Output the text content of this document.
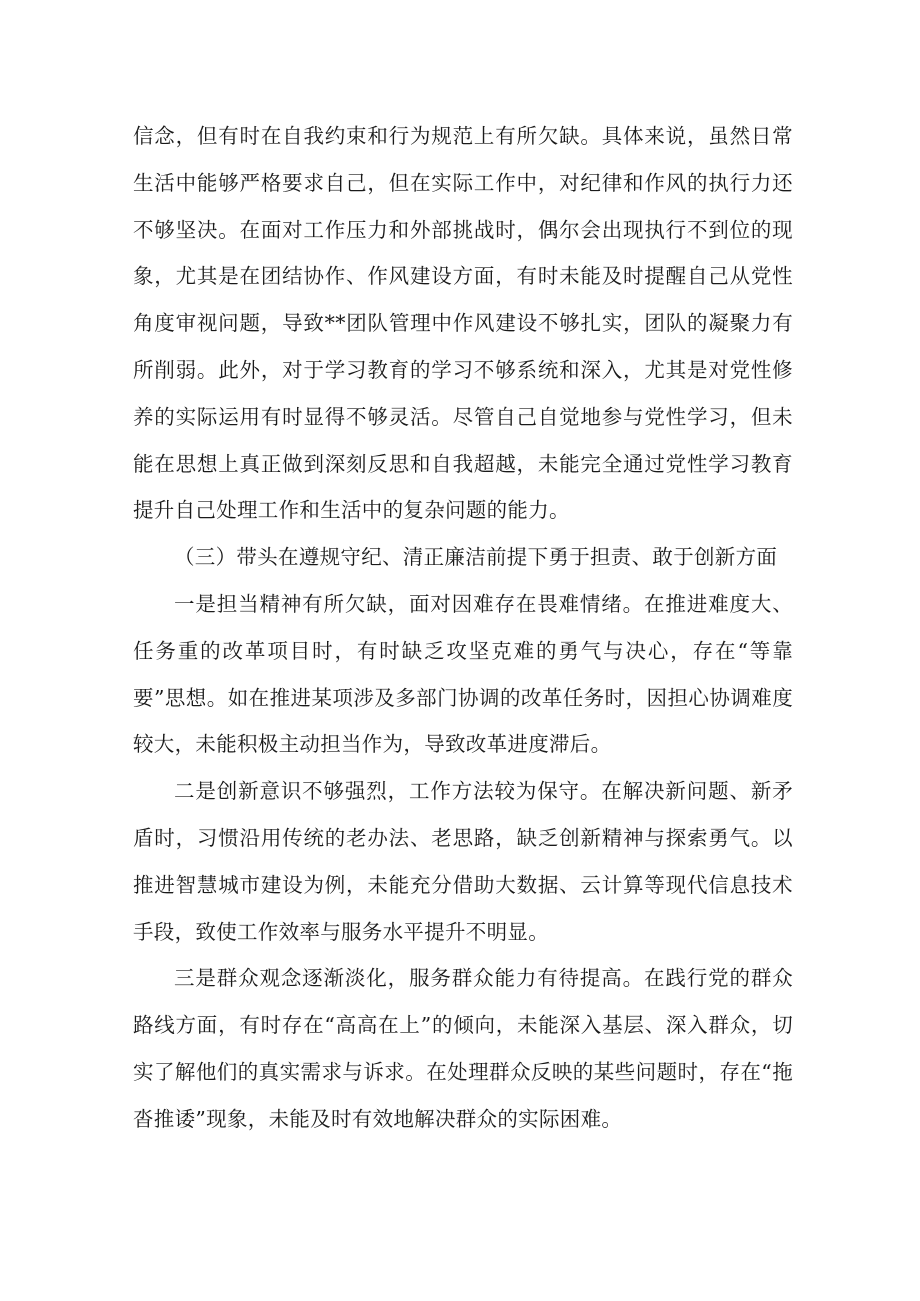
信念，但有时在自我约束和行为规范上有所欠缺。具体来说，虽然日常生活中能够严格要求自己，但在实际工作中，对纪律和作风的执行力还不够坚决。在面对工作压力和外部挑战时，偶尔会出现执行不到位的现象，尤其是在团结协作、作风建设方面，有时未能及时提醒自己从党性角度审视问题，导致**团队管理中作风建设不够扎实，团队的凝聚力有所削弱。此外，对于学习教育的学习不够系统和深入，尤其是对党性修养的实际运用有时显得不够灵活。尽管自己自觉地参与党性学习，但未能在思想上真正做到深刻反思和自我超越，未能完全通过党性学习教育提升自己处理工作和生活中的复杂问题的能力。

（三）带头在遵规守纪、清正廉洁前提下勇于担责、敢于创新方面

一是担当精神有所欠缺，面对因难存在畏难情绪。在推进难度大、任务重的改革项目时，有时缺乏攻坚克难的勇气与决心，存在“等靠要”思想。如在推进某项涉及多部门协调的改革任务时，因担心协调难度较大，未能积极主动担当作为，导致改革进度滞后。

二是创新意识不够强烈，工作方法较为保守。在解决新问题、新矛盾时，习惯沿用传统的老办法、老思路，缺乏创新精神与探索勇气。以推进智慧城市建设为例，未能充分借助大数据、云计算等现代信息技术手段，致使工作效率与服务水平提升不明显。

三是群众观念逐渐淡化，服务群众能力有待提高。在践行党的群众路线方面，有时存在“高高在上”的倾向，未能深入基层、深入群众，切实了解他们的真实需求与诉求。在处理群众反映的某些问题时，存在“拖沓推诿”现象，未能及时有效地解决群众的实际困难。
